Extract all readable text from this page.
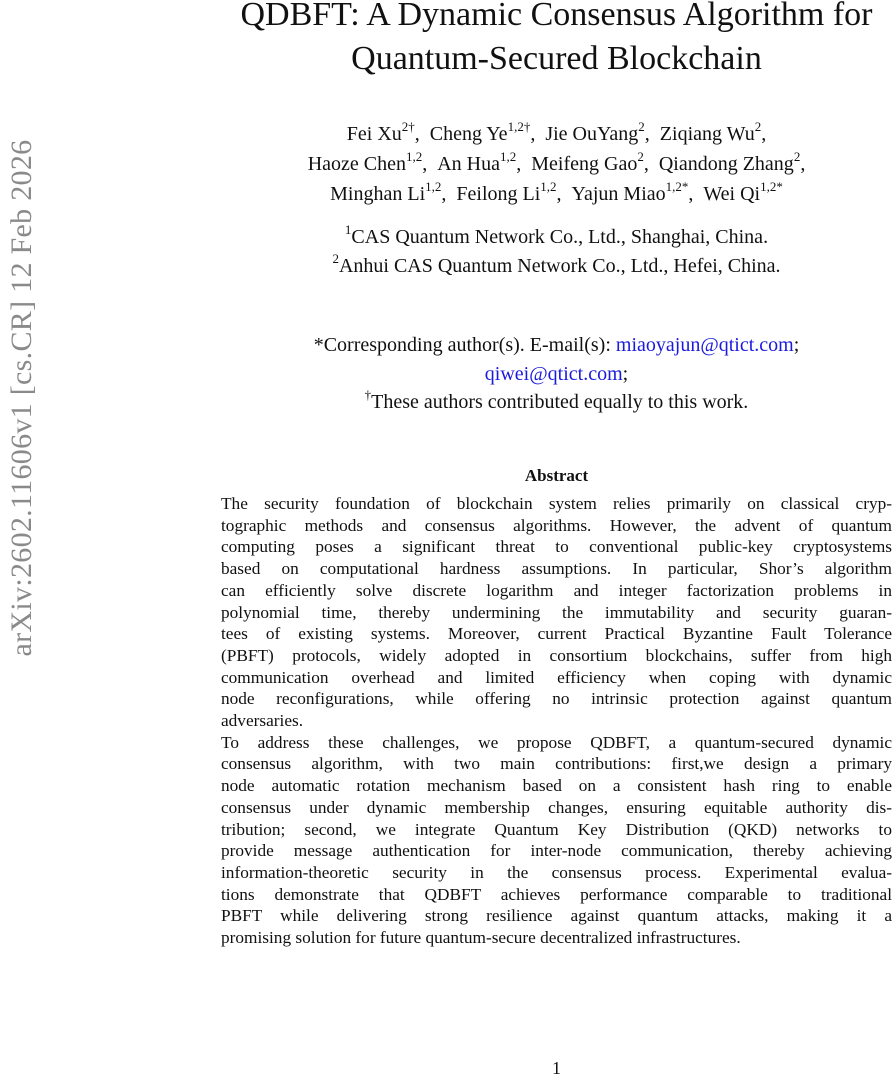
arXiv:2602.11606v1 [cs.CR] 12 Feb 2026
QDBFT: A Dynamic Consensus Algorithm for
Quantum-Secured Blockchain
Fei $Xu^{2\dagger}$, Cheng $Ye^{1,2\dagger}$, Jie OuYang$^2$, Ziqiang Wu$^2$,
Haoze Chen$^{1,2}$, An Hua$^{1,2}$, Meifeng Gao$^2$, Qiandong Zhang$^2$,
Minghan Li$^{1,2}$, Feilong Li$^{1,2}$, Yajun Miao$^{1,2*}$, Wei $Qi^{1,2*}$
$^1$CAS Quantum Network Co., Ltd., Shanghai, China.
$^2$Anhui CAS Quantum Network Co., Ltd., Hefei, China.
*Corresponding author(s). E-mail(s): miaoyajun@qtict.com;
qiwei@qtict.com;
†These authors contributed equally to this work.
Abstract
The security foundation of blockchain system relies primarily on classical cryp-
tographic methods and consensus algorithms. However, the advent of quantum
computing poses a significant threat to conventional public-key cryptosystems
based on computational hardness assumptions. In particular, Shor’s algorithm
can efficiently solve discrete logarithm and integer factorization problems in
polynomial time, thereby undermining the immutability and security guaran-
tees of existing systems. Moreover, current Practical Byzantine Fault Tolerance
(PBFT) protocols, widely adopted in consortium blockchains, suffer from high
communication overhead and limited efficiency when coping with dynamic
node reconfigurations, while offering no intrinsic protection against quantum
adversaries.
To address these challenges, we propose QDBFT, a quantum-secured dynamic
consensus algorithm, with two main contributions: first,we design a primary
node automatic rotation mechanism based on a consistent hash ring to enable
consensus under dynamic membership changes, ensuring equitable authority dis-
tribution; second, we integrate Quantum Key Distribution (QKD) networks to
provide message authentication for inter-node communication, thereby achieving
information-theoretic security in the consensus process. Experimental evalua-
tions demonstrate that QDBFT achieves performance comparable to traditional
PBFT while delivering strong resilience against quantum attacks, making it a
promising solution for future quantum-secure decentralized infrastructures.
1
